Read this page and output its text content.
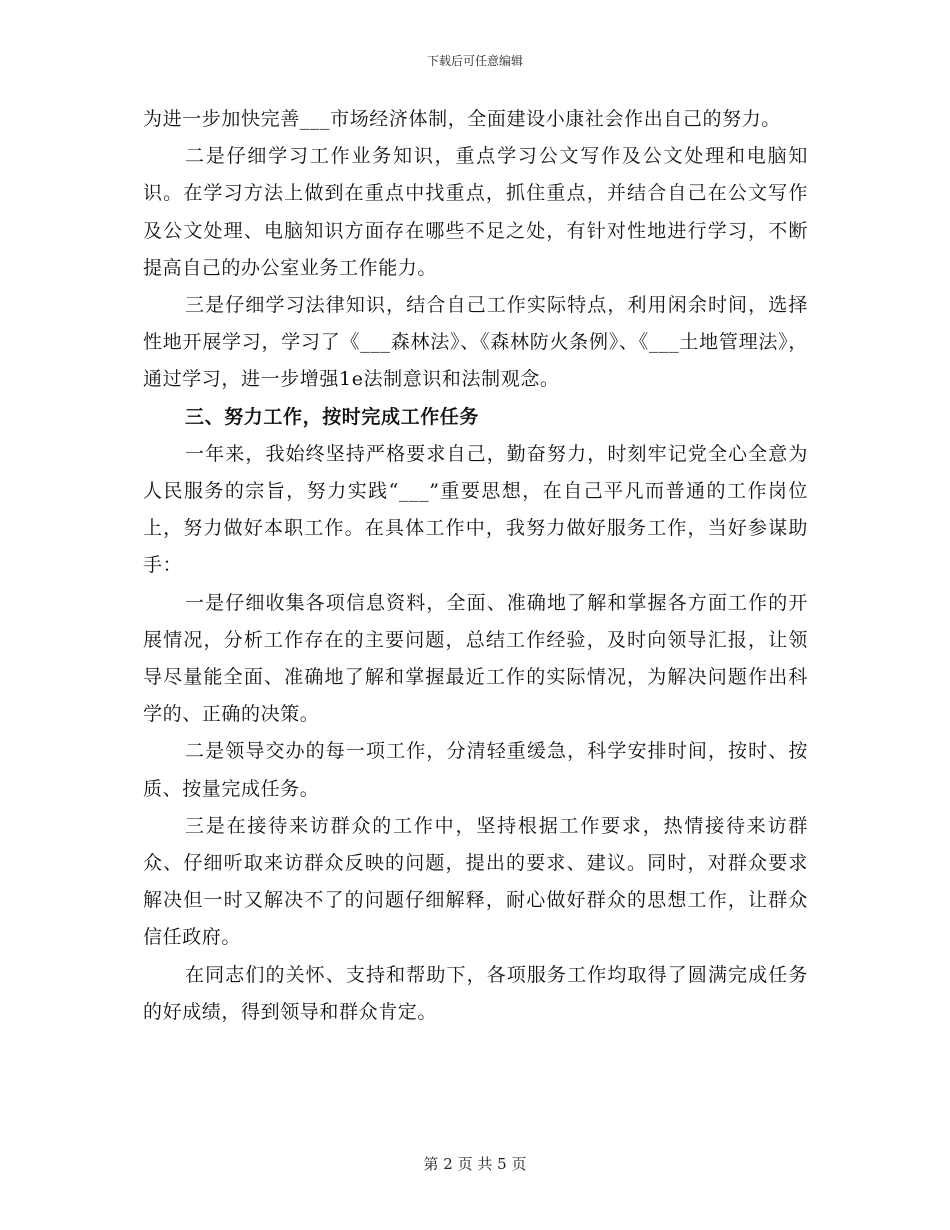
下载后可任意编辑

为进一步加快完善___市场经济体制，全面建设小康社会作出自己的努力。

二是仔细学习工作业务知识，重点学习公文写作及公文处理和电脑知识。在学习方法上做到在重点中找重点，抓住重点，并结合自己在公文写作及公文处理、电脑知识方面存在哪些不足之处，有针对性地进行学习，不断提高自己的办公室业务工作能力。

三是仔细学习法律知识，结合自己工作实际特点，利用闲余时间，选择性地开展学习，学习了《___森林法》、《森林防火条例》、《___土地管理法》，通过学习，进一步增强1e法制意识和法制观念。

三、努力工作，按时完成工作任务

一年来，我始终坚持严格要求自己，勤奋努力，时刻牢记党全心全意为人民服务的宗旨，努力实践“___”重要思想，在自己平凡而普通的工作岗位上，努力做好本职工作。在具体工作中，我努力做好服务工作，当好参谋助手：

一是仔细收集各项信息资料，全面、准确地了解和掌握各方面工作的开展情况，分析工作存在的主要问题，总结工作经验，及时向领导汇报，让领导尽量能全面、准确地了解和掌握最近工作的实际情况，为解决问题作出科学的、正确的决策。

二是领导交办的每一项工作，分清轻重缓急，科学安排时间，按时、按质、按量完成任务。

三是在接待来访群众的工作中，坚持根据工作要求，热情接待来访群众、仔细听取来访群众反映的问题，提出的要求、建议。同时，对群众要求解决但一时又解决不了的问题仔细解释，耐心做好群众的思想工作，让群众信任政府。

在同志们的关怀、支持和帮助下，各项服务工作均取得了圆满完成任务的好成绩，得到领导和群众肯定。

第 2 页 共 5 页
